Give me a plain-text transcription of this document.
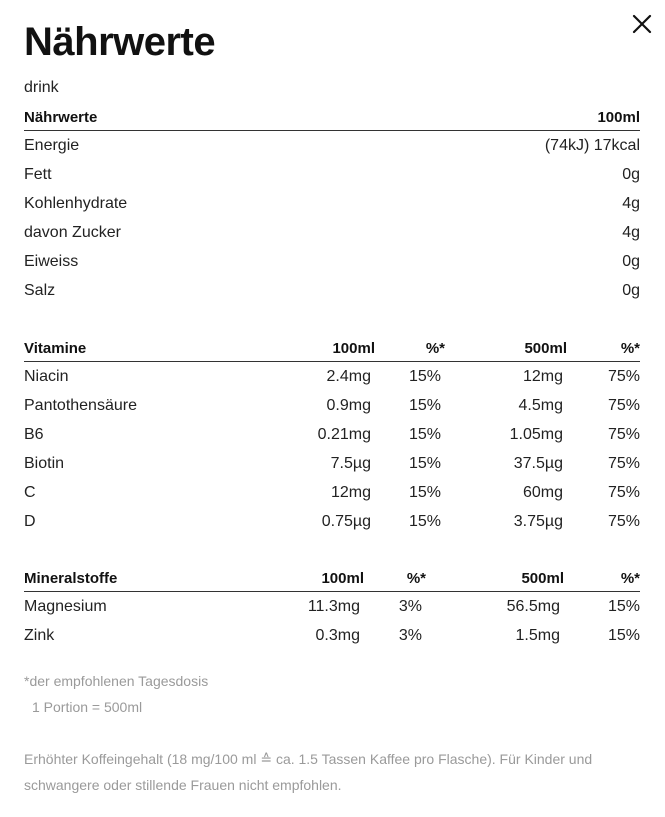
Nährwerte
drink
Nährwerte	100ml
Energie	(74kJ) 17kcal
Fett	0g
Kohlenhydrate	4g
davon Zucker	4g
Eiweiss	0g
Salz	0g
Vitamine	100ml	%*	500ml	%*
Niacin	2.4mg	15%	12mg	75%
Pantothensäure	0.9mg	15%	4.5mg	75%
B6	0.21mg	15%	1.05mg	75%
Biotin	7.5µg	15%	37.5µg	75%
C	12mg	15%	60mg	75%
D	0.75µg	15%	3.75µg	75%
Mineralstoffe	100ml	%*	500ml	%*
Magnesium	11.3mg	3%	56.5mg	15%
Zink	0.3mg	3%	1.5mg	15%
*der empfohlenen Tagesdosis
1 Portion = 500ml
Erhöhter Koffeingehalt (18 mg/100 ml ≙ ca. 1.5 Tassen Kaffee pro Flasche). Für Kinder und schwangere oder stillende Frauen nicht empfohlen.
